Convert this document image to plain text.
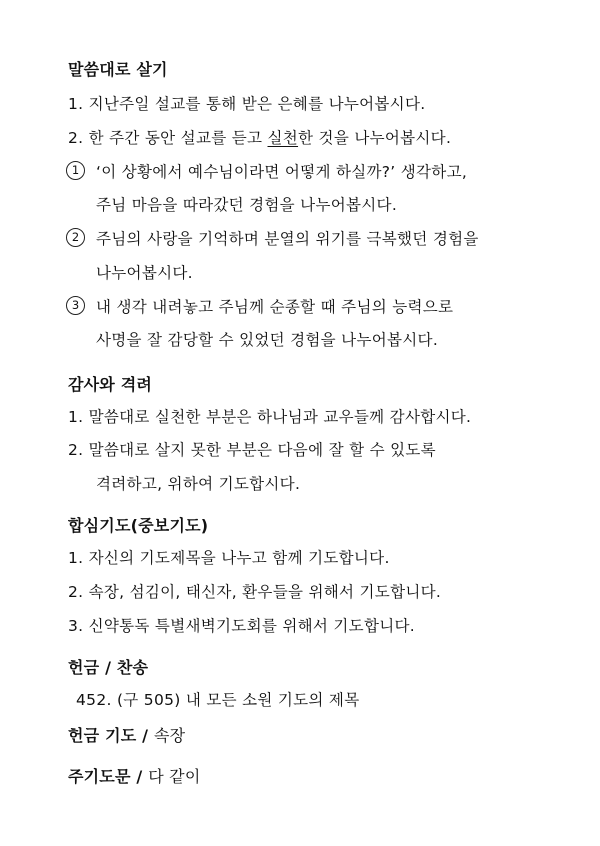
말씀대로 살기
1. 지난주일 설교를 통해 받은 은혜를 나누어봅시다.
2. 한 주간 동안 설교를 듣고 실천한 것을 나누어봅시다.
1	‘이 상황에서 예수님이라면 어떻게 하실까?’ 생각하고,
주님 마음을 따라갔던 경험을 나누어봅시다.
2	주님의 사랑을 기억하며 분열의 위기를 극복했던 경험을
나누어봅시다.
3	내 생각 내려놓고 주님께 순종할 때 주님의 능력으로
사명을 잘 감당할 수 있었던 경험을 나누어봅시다.
감사와 격려
1. 말씀대로 실천한 부분은 하나님과 교우들께 감사합시다.
2. 말씀대로 살지 못한 부분은 다음에 잘 할 수 있도록
격려하고, 위하여 기도합시다.
합심기도(중보기도)
1. 자신의 기도제목을 나누고 함께 기도합니다.
2. 속장, 섬김이, 태신자, 환우들을 위해서 기도합니다.
3. 신약통독 특별새벽기도회를 위해서 기도합니다.
헌금 / 찬송
452. (구 505) 내 모든 소원 기도의 제목
헌금 기도 / 속장
주기도문 / 다 같이
